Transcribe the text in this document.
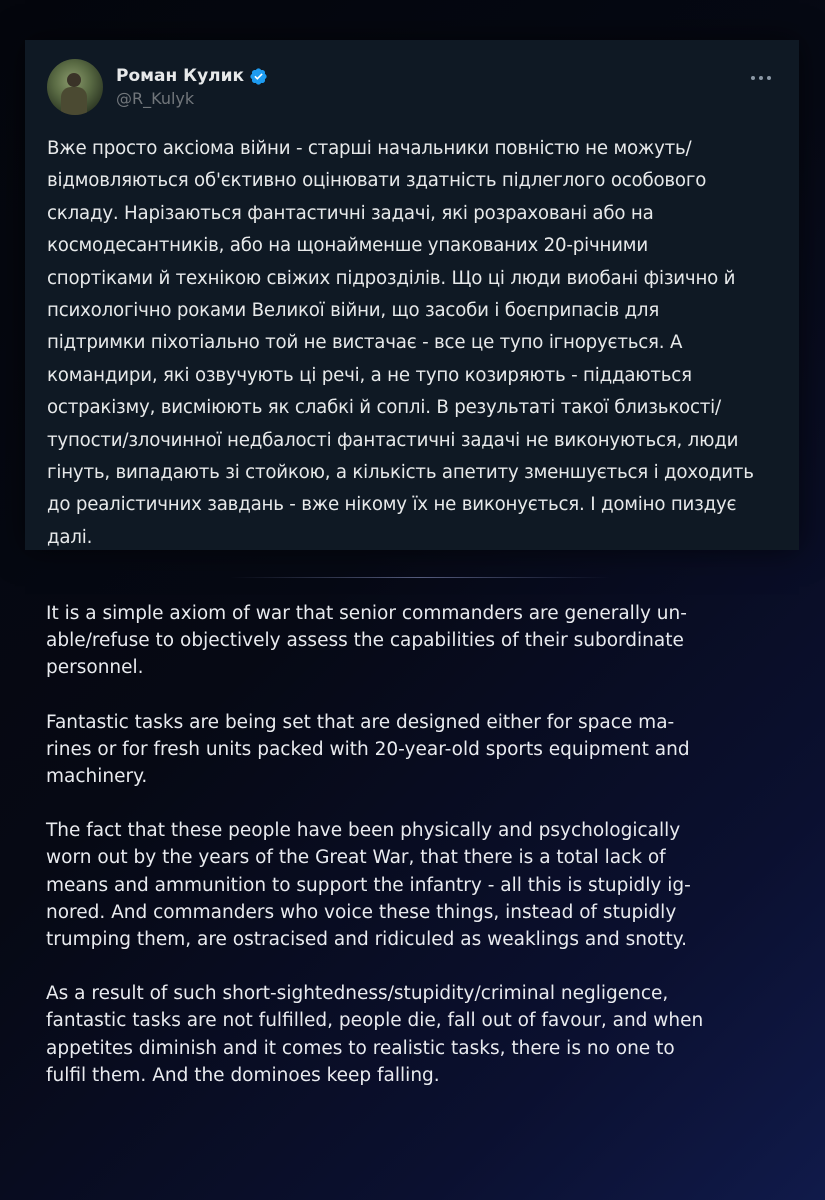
Роман Кулик
@R_Kulyk
Вже просто аксіома війни - старші начальники повністю не можуть/
відмовляються об'єктивно оцінювати здатність підлеглого особового
складу. Нарізаються фантастичні задачі, які розраховані або на
космодесантників, або на щонайменше упакованих 20-річними
спортіками й технікою свіжих підрозділів. Що ці люди виобані фізично й
психологічно роками Великої війни, що засоби і боєприпасів для
підтримки піхотіально той не вистачає - все це тупо ігнорується. А
командири, які озвучують ці речі, а не тупо козиряють - піддаються
остракізму, висміюють як слабкі й соплі. В результаті такої близькості/
тупости/злочинної недбалості фантастичні задачі не виконуються, люди
гінуть, випадають зі стойкою, а кількість апетиту зменшується і доходить
до реалістичних завдань - вже нікому їх не виконується. І доміно пиздує
далі.

It is a simple axiom of war that senior commanders are generally un-
able/refuse to objectively assess the capabilities of their subordinate
personnel.

Fantastic tasks are being set that are designed either for space ma-
rines or for fresh units packed with 20-year-old sports equipment and
machinery.

The fact that these people have been physically and psychologically
worn out by the years of the Great War, that there is a total lack of
means and ammunition to support the infantry - all this is stupidly ig-
nored. And commanders who voice these things, instead of stupidly
trumping them, are ostracised and ridiculed as weaklings and snotty.

As a result of such short-sightedness/stupidity/criminal negligence,
fantastic tasks are not fulfilled, people die, fall out of favour, and when
appetites diminish and it comes to realistic tasks, there is no one to
fulfil them. And the dominoes keep falling.
